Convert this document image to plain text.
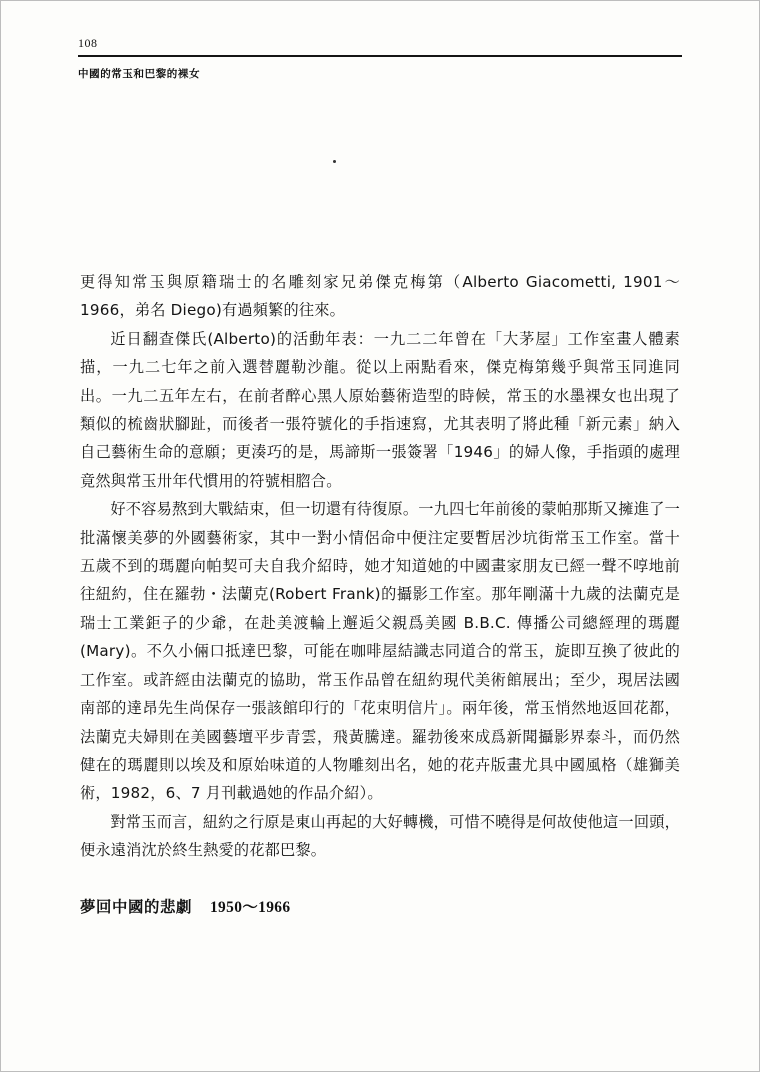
108
中國的常玉和巴黎的裸女

更得知常玉與原籍瑞士的名雕刻家兄弟傑克梅第（Alberto Giacometti, 1901～1966，弟名 Diego)有過頻繁的往來。

近日翻查傑氏(Alberto)的活動年表：一九二二年曾在「大茅屋」工作室畫人體素描，一九二七年之前入選替麗勒沙龍。從以上兩點看來，傑克梅第幾乎與常玉同進同出。一九二五年左右，在前者醉心黑人原始藝術造型的時候，常玉的水墨裸女也出現了類似的梳齒狀腳趾，而後者一張符號化的手指速寫，尤其表明了將此種「新元素」納入自己藝術生命的意願；更湊巧的是，馬諦斯一張簽署「1946」的婦人像，手指頭的處理竟然與常玉卅年代慣用的符號相脗合。

好不容易熬到大戰結束，但一切還有待復原。一九四七年前後的蒙帕那斯又擁進了一批滿懷美夢的外國藝術家，其中一對小情侶命中便注定要暫居沙坑街常玉工作室。當十五歲不到的瑪麗向帕契可夫自我介紹時，她才知道她的中國畫家朋友已經一聲不啍地前往紐約，住在羅勃・法蘭克(Robert Frank)的攝影工作室。那年剛滿十九歲的法蘭克是瑞士工業鉅子的少爺，在赴美渡輪上邂逅父親爲美國 B.B.C. 傳播公司總經理的瑪麗(Mary)。不久小倆口抵達巴黎，可能在咖啡屋結識志同道合的常玉，旋即互換了彼此的工作室。或許經由法蘭克的協助，常玉作品曾在紐約現代美術館展出；至少，現居法國南部的達昂先生尚保存一張該館印行的「花束明信片」。兩年後，常玉悄然地返回花都，法蘭克夫婦則在美國藝壇平步青雲，飛黃騰達。羅勃後來成爲新聞攝影界泰斗，而仍然健在的瑪麗則以埃及和原始味道的人物雕刻出名，她的花卉版畫尤具中國風格（雄獅美術，1982，6、7 月刊載過她的作品介紹）。

對常玉而言，紐約之行原是東山再起的大好轉機，可惜不曉得是何故使他這一回頭，便永遠消沈於終生熱愛的花都巴黎。

夢回中國的悲劇 1950～1966
